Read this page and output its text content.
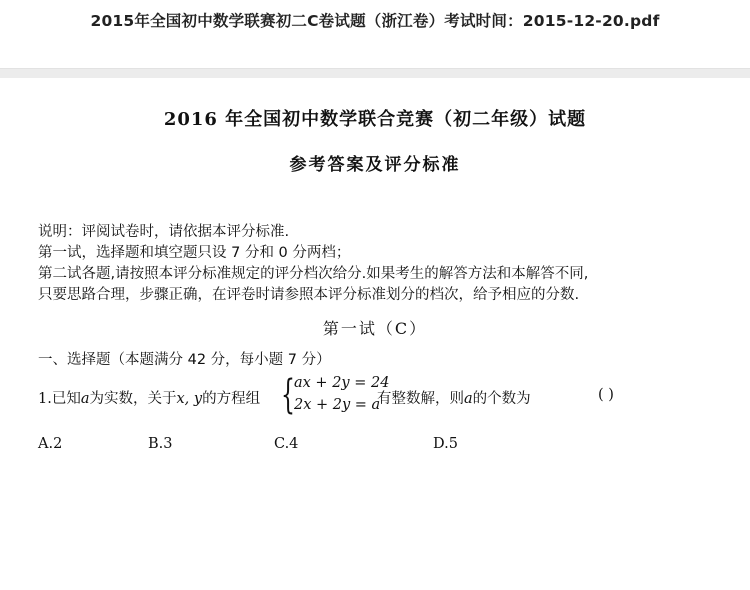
2015年全国初中数学联赛初二C卷试题（浙江卷）考试时间：2015-12-20.pdf
2016 年全国初中数学联合竞赛（初二年级）试题
参考答案及评分标准
说明：评阅试卷时，请依据本评分标准.
第一试，选择题和填空题只设 7 分和 0 分两档；
第二试各题,请按照本评分标准规定的评分档次给分.如果考生的解答方法和本解答不同,
只要思路合理，步骤正确，在评卷时请参照本评分标准划分的档次，给予相应的分数.
第一试（C）
一、选择题（本题满分 42 分，每小题 7 分）
1.已知a为实数，关于x, y的方程组 { ax + 2y = 24
2x + 2y = a
有整数解，则a的个数为	( )
A.2	B.3	C.4	D.5
